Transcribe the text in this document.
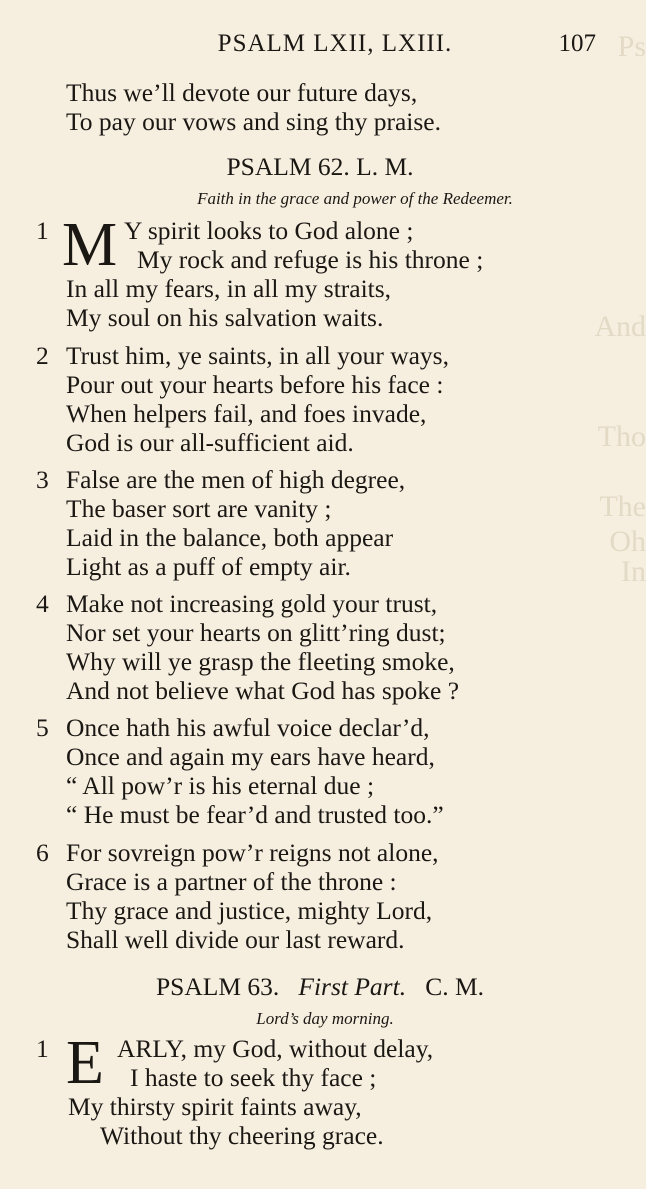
Ps
And
Tho
The
Oh
In
PSALM LXII, LXIII.	107
Thus we’ll devote our future days,
To pay our vows and sing thy praise.
PSALM 62. L. M.
Faith in the grace and power of the Redeemer.
1 M Y spirit looks to God alone ;
My rock and refuge is his throne ;
In all my fears, in all my straits,
My soul on his salvation waits.
2 Trust him, ye saints, in all your ways,
Pour out your hearts before his face :
When helpers fail, and foes invade,
God is our all-sufficient aid.
3 False are the men of high degree,
The baser sort are vanity ;
Laid in the balance, both appear
Light as a puff of empty air.
4 Make not increasing gold your trust,
Nor set your hearts on glitt’ring dust;
Why will ye grasp the fleeting smoke,
And not believe what God has spoke ?
5 Once hath his awful voice declar’d,
Once and again my ears have heard,
“ All pow’r is his eternal due ;
“ He must be fear’d and trusted too.”
6 For sovreign pow’r reigns not alone,
Grace is a partner of the throne :
Thy grace and justice, mighty Lord,
Shall well divide our last reward.
PSALM 63. First Part. C. M.
Lord’s day morning.
1 E ARLY, my God, without delay,
I haste to seek thy face ;
My thirsty spirit faints away,
Without thy cheering grace.
